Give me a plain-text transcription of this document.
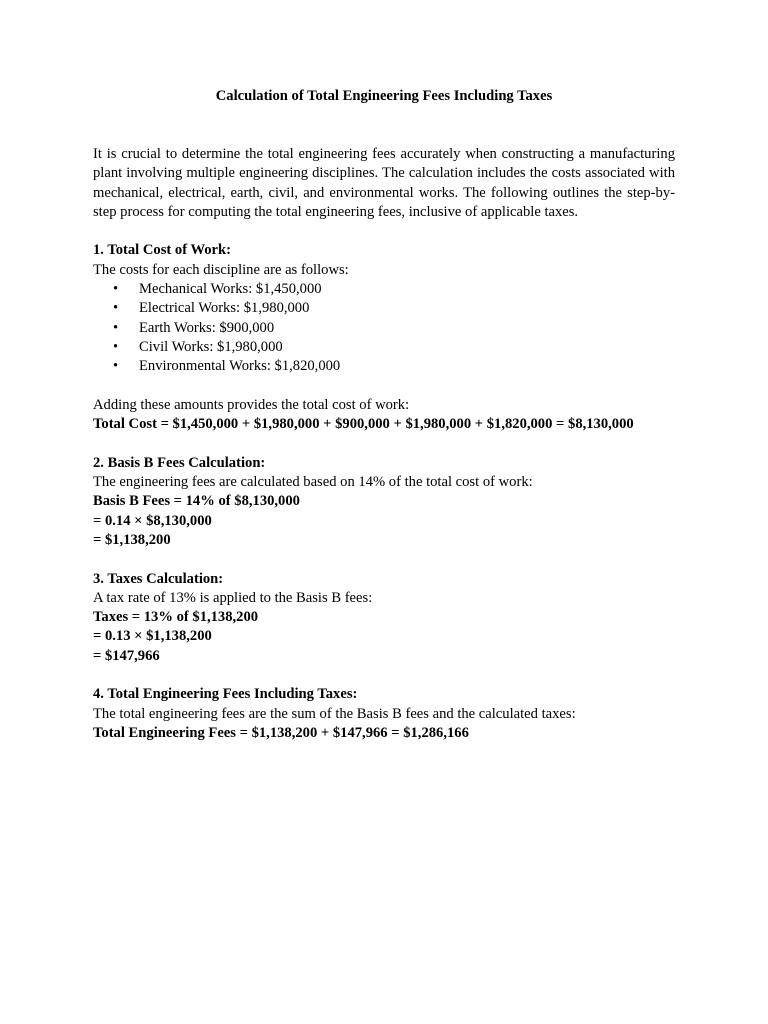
Calculation of Total Engineering Fees Including Taxes

It is crucial to determine the total engineering fees accurately when constructing a manufacturing plant involving multiple engineering disciplines. The calculation includes the costs associated with mechanical, electrical, earth, civil, and environmental works. The following outlines the step-by-step process for computing the total engineering fees, inclusive of applicable taxes.

1. Total Cost of Work:
The costs for each discipline are as follows:
• Mechanical Works: $1,450,000
• Electrical Works: $1,980,000
• Earth Works: $900,000
• Civil Works: $1,980,000
• Environmental Works: $1,820,000
Adding these amounts provides the total cost of work:
Total Cost = $1,450,000 + $1,980,000 + $900,000 + $1,980,000 + $1,820,000 = $8,130,000
2. Basis B Fees Calculation:
The engineering fees are calculated based on 14% of the total cost of work:
Basis B Fees = 14% of $8,130,000
= 0.14 × $8,130,000
= $1,138,200
3. Taxes Calculation:
A tax rate of 13% is applied to the Basis B fees:
Taxes = 13% of $1,138,200
= 0.13 × $1,138,200
= $147,966
4. Total Engineering Fees Including Taxes:
The total engineering fees are the sum of the Basis B fees and the calculated taxes:
Total Engineering Fees = $1,138,200 + $147,966 = $1,286,166
